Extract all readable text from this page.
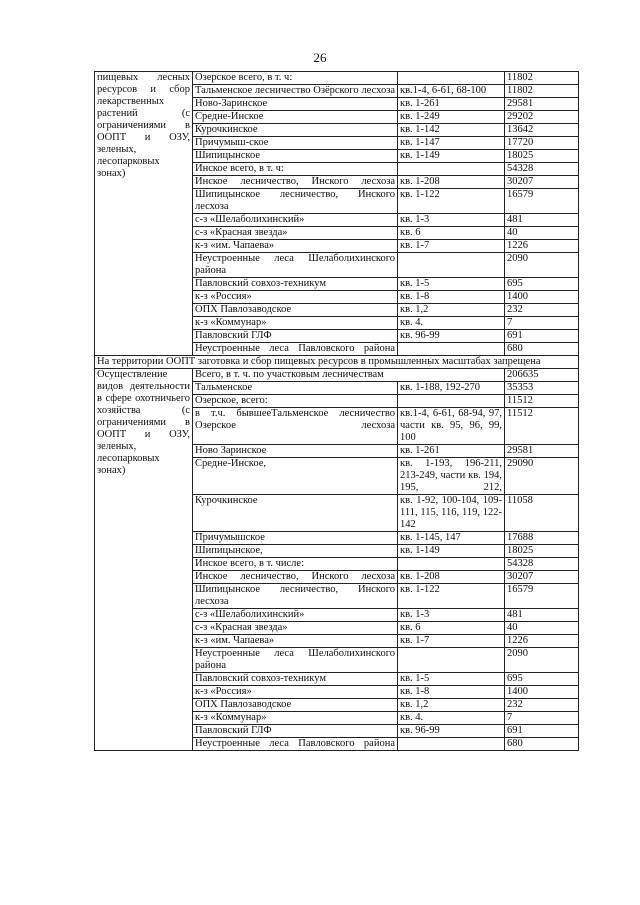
26
пищевых лесных ресурсов и сбор лекарственных растений (с ограничениями в ООПТ и ОЗУ, зеленых, лесопарковых зонах)	Озерское всего, в т. ч:		11802
	Тальменское лесничество Озёрского лесхоза	кв.1-4, 6-61, 68-100	11802
	Ново-Заринское	кв. 1-261	29581
	Средне-Инское	кв. 1-249	29202
	Курочкинское	кв. 1-142	13642
	Причумыш-ское	кв. 1-147	17720
	Шипицынское	кв. 1-149	18025
	Инское всего, в т. ч:		54328
	Инское лесничество, Инского лесхоза	кв. 1-208	30207
	Шипицынское лесничество, Инского лесхоза	кв. 1-122	16579
	с-з «Шелаболихинский»	кв. 1-3	481
	с-з «Красная звезда»	кв. 6	40
	к-з «им. Чапаева»	кв. 1-7	1226
	Неустроенные леса Шелаболихинского района		2090
	Павловский совхоз-техникум	кв. 1-5	695
	к-з «Россия»	кв. 1-8	1400
	ОПХ Павлозаводское	кв. 1,2	232
	к-з «Коммунар»	кв. 4.	7
	Павловский ГЛФ	кв. 96-99	691
	Неустроенные леса Павловского района		680
На территории ООПТ заготовка и сбор пищевых ресурсов в промышленных масштабах запрещена			
Осуществление видов деятельности в сфере охотничьего хозяйства (с ограничениями в ООПТ и ОЗУ, зеленых, лесопарковых зонах)	Всего, в т. ч. по участковым лесничествам		206635
	Тальменское	кв. 1-188, 192-270	35353
	Озерское, всего:		11512
	в т.ч. бывшееТальменское лесничество Озерское лесхоза	кв.1-4, 6-61, 68-94, 97, части кв. 95, 96, 99, 100	11512
	Ново Заринское	кв. 1-261	29581
	Средне-Инское,	кв. 1-193, 196-211, 213-249, части кв. 194, 195, 212,	29090
	Курочкинское	кв. 1-92, 100-104, 109-111, 115, 116, 119, 122-142	11058
	Причумышское	кв. 1-145, 147	17688
	Шипицынское,	кв. 1-149	18025
	Инское всего, в т. числе:		54328
	Инское лесничество, Инского лесхоза	кв. 1-208	30207
	Шипицынское лесничество, Инского лесхоза	кв. 1-122	16579
	с-з «Шелаболихинский»	кв. 1-3	481
	с-з «Красная звезда»	кв. 6	40
	к-з «им. Чапаева»	кв. 1-7	1226
	Неустроенные леса Шелаболихинского района		2090
	Павловский совхоз-техникум	кв. 1-5	695
	к-з «Россия»	кв. 1-8	1400
	ОПХ Павлозаводское	кв. 1,2	232
	к-з «Коммунар»	кв. 4.	7
	Павловский ГЛФ	кв. 96-99	691
	Неустроенные леса Павловского района		680
